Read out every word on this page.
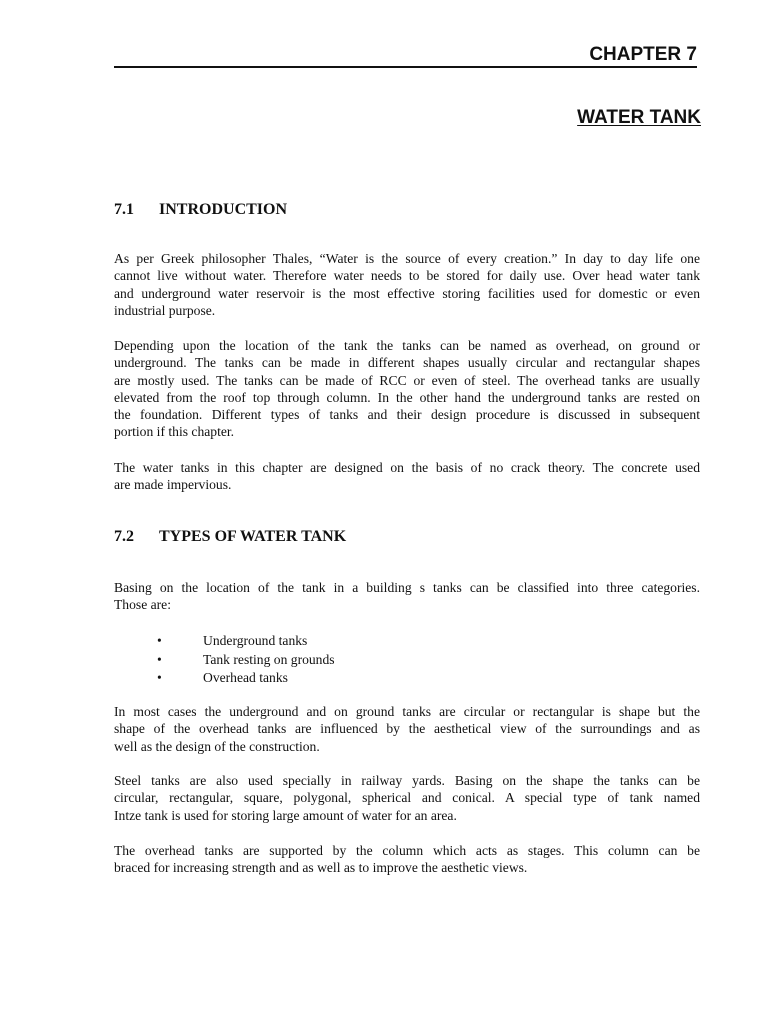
CHAPTER 7
WATER TANK
7.1 INTRODUCTION
As per Greek philosopher Thales, “Water is the source of every creation.” In day to day life one
cannot live without water. Therefore water needs to be stored for daily use. Over head water tank
and underground water reservoir is the most effective storing facilities used for domestic or even
industrial purpose.
Depending upon the location of the tank the tanks can be named as overhead, on ground or
underground. The tanks can be made in different shapes usually circular and rectangular shapes
are mostly used. The tanks can be made of RCC or even of steel. The overhead tanks are usually
elevated from the roof top through column. In the other hand the underground tanks are rested on
the foundation. Different types of tanks and their design procedure is discussed in subsequent
portion if this chapter.
The water tanks in this chapter are designed on the basis of no crack theory. The concrete used
are made impervious.
7.2 TYPES OF WATER TANK
Basing on the location of the tank in a building s tanks can be classified into three categories.
Those are:
•	Underground tanks
•	Tank resting on grounds
•	Overhead tanks
In most cases the underground and on ground tanks are circular or rectangular is shape but the
shape of the overhead tanks are influenced by the aesthetical view of the surroundings and as
well as the design of the construction.
Steel tanks are also used specially in railway yards. Basing on the shape the tanks can be
circular, rectangular, square, polygonal, spherical and conical. A special type of tank named
Intze tank is used for storing large amount of water for an area.
The overhead tanks are supported by the column which acts as stages. This column can be
braced for increasing strength and as well as to improve the aesthetic views.
